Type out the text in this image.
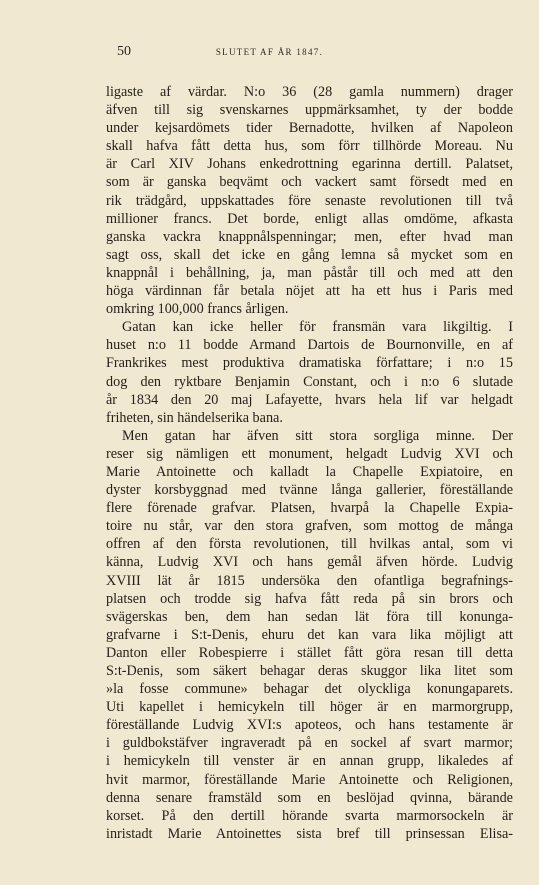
50	SLUTET AF ÅR 1847.
ligaste af värdar. N:o 36 (28 gamla nummern) drager
äfven till sig svenskarnes uppmärksamhet, ty der bodde
under kejsardömets tider Bernadotte, hvilken af Napoleon
skall hafva fått detta hus, som förr tillhörde Moreau. Nu
är Carl XIV Johans enkedrottning egarinna dertill. Palatset,
som är ganska beqvämt och vackert samt försedt med en
rik trädgård, uppskattades före senaste revolutionen till två
millioner francs. Det borde, enligt allas omdöme, afkasta
ganska vackra knappnålspenningar; men, efter hvad man
sagt oss, skall det icke en gång lemna så mycket som en
knappnål i behållning, ja, man påstår till och med att den
höga värdinnan får betala nöjet att ha ett hus i Paris med
omkring 100,000 francs årligen.
Gatan kan icke heller för fransmän vara likgiltig. I
huset n:o 11 bodde Armand Dartois de Bournonville, en af
Frankrikes mest produktiva dramatiska författare; i n:o 15
dog den ryktbare Benjamin Constant, och i n:o 6 slutade
år 1834 den 20 maj Lafayette, hvars hela lif var helgadt
friheten, sin händelserika bana.
Men gatan har äfven sitt stora sorgliga minne. Der
reser sig nämligen ett monument, helgadt Ludvig XVI och
Marie Antoinette och kalladt la Chapelle Expiatoire, en
dyster korsbyggnad med tvänne långa gallerier, föreställande
flere förenade grafvar. Platsen, hvarpå la Chapelle Expia-
toire nu står, var den stora grafven, som mottog de många
offren af den första revolutionen, till hvilkas antal, som vi
känna, Ludvig XVI och hans gemål äfven hörde. Ludvig
XVIII lät år 1815 undersöka den ofantliga begrafnings-
platsen och trodde sig hafva fått reda på sin brors och
svägerskas ben, dem han sedan lät föra till konunga-
grafvarne i S:t-Denis, ehuru det kan vara lika möjligt att
Danton eller Robespierre i stället fått göra resan till detta
S:t-Denis, som säkert behagar deras skuggor lika litet som
»la fosse commune» behagar det olyckliga konungaparets.
Uti kapellet i hemicykeln till höger är en marmorgrupp,
föreställande Ludvig XVI:s apoteos, och hans testamente är
i guldbokstäfver ingraveradt på en sockel af svart marmor;
i hemicykeln till venster är en annan grupp, likaledes af
hvit marmor, föreställande Marie Antoinette och Religionen,
denna senare framstäld som en beslöjad qvinna, bärande
korset. På den dertill hörande svarta marmorsockeln är
inristadt Marie Antoinettes sista bref till prinsessan Elisa-
